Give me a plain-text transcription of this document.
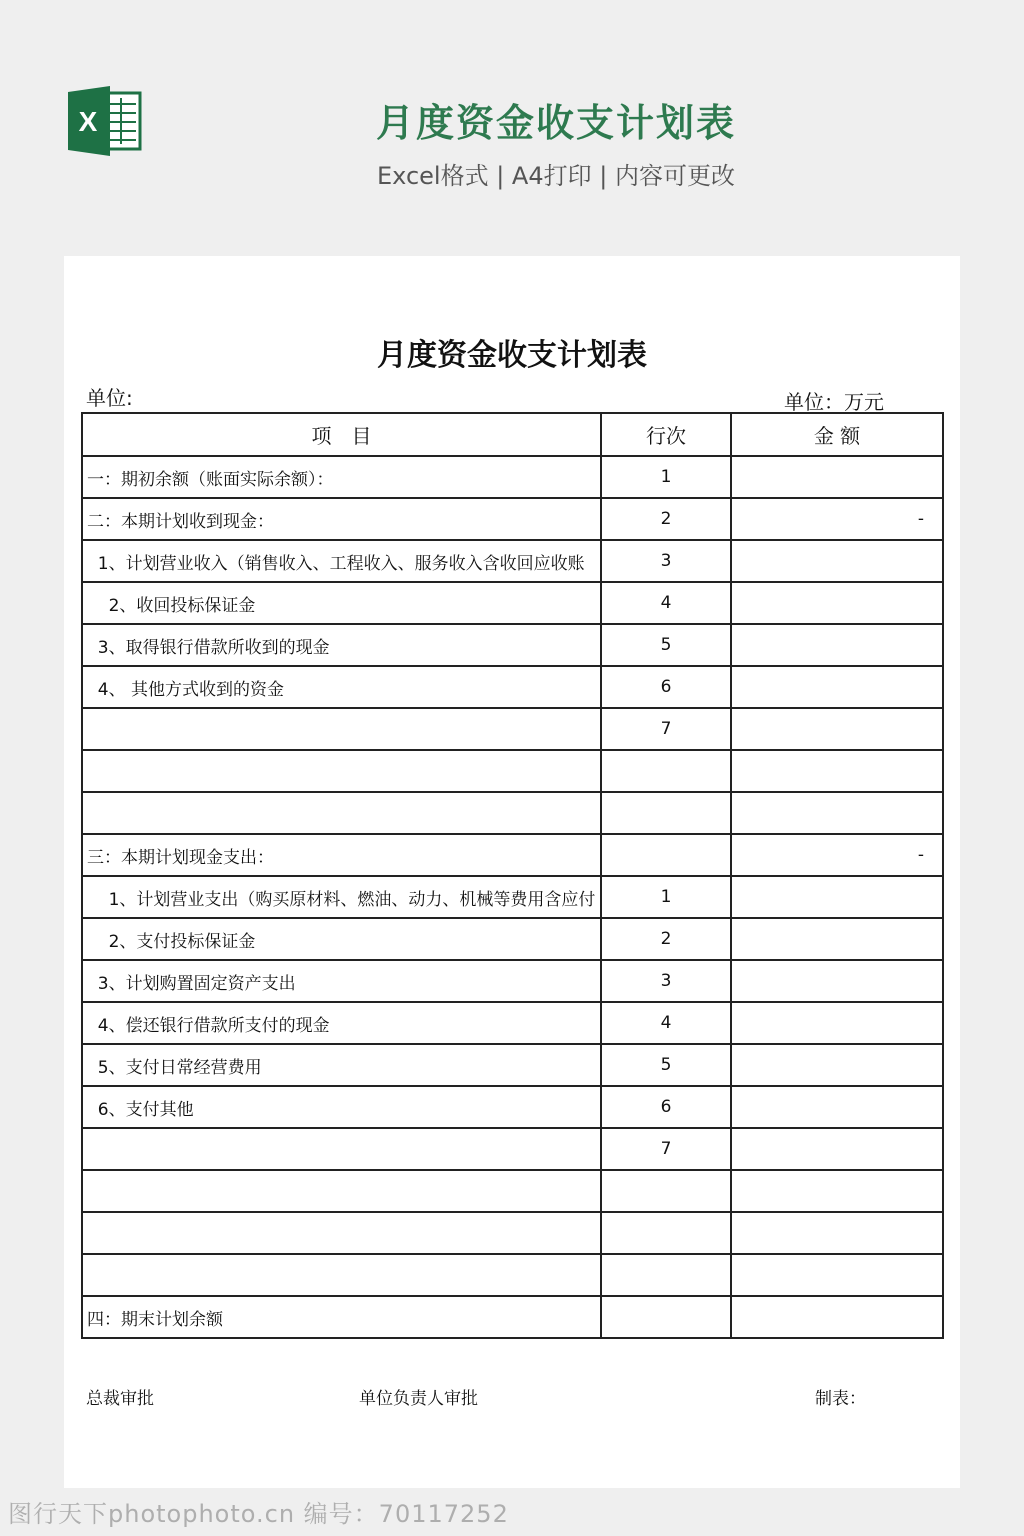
X	月度资金收支计划表
Excel格式 | A4打印 | 内容可更改
月度资金收支计划表
单位:	单位：万元
项　目	行次	金 额
一：期初余额（账面实际余额）：	1	
二：本期计划收到现金：	2	-
1、计划营业收入（销售收入、工程收入、服务收入含收回应收账	3	
2、收回投标保证金	4	
3、取得银行借款所收到的现金	5	
4、 其他方式收到的资金	6	
	7	

三：本期计划现金支出：		-
1、计划营业支出（购买原材料、燃油、动力、机械等费用含应付	1	
2、支付投标保证金	2	
3、计划购置固定资产支出	3	
4、偿还银行借款所支付的现金	4	
5、支付日常经营费用	5	
6、支付其他	6	
	7	

四：期末计划余额		
总裁审批	单位负责人审批	制表：
图行天下photophoto.cn 编号：70117252
